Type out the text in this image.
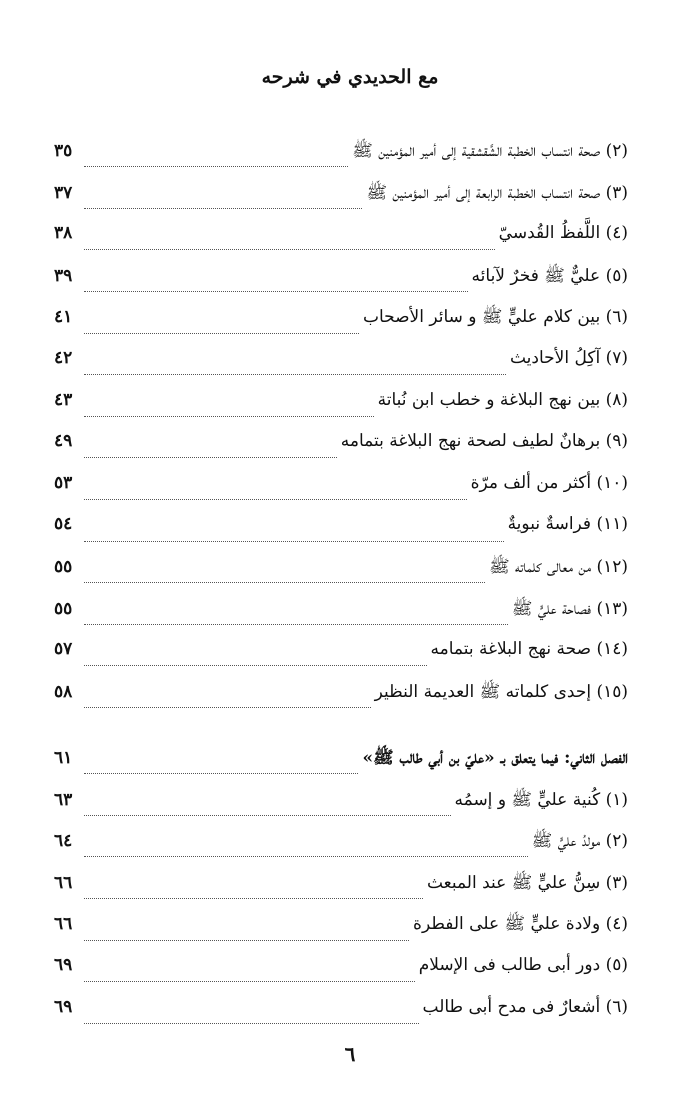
مع الحديدي في شرحه
(٢) صحة انتساب الخطبة الشَّقشقية إلى أمير المؤمنين ﷺ
٣٥
(٣) صحة انتساب الخطبة الرابعة إلى أمير المؤمنين ﷺ
٣٧
(٤) اللَّفظُ القُدسيّ
٣٨
(٥) عليٌّ ﷺ فخرٌ لآبائه
٣٩
(٦) بين كلام عليٍّ ﷺ و سائر الأصحاب
٤١
(٧) آكِلُ الأحاديث
٤٢
(٨) بين نهج البلاغة و خطب ابن نُباتة
٤٣
(٩) برهانٌ لطيف لصحة نهج البلاغة بتمامه
٤٩
(١٠) أكثر من ألف مرّة
٥٣
(١١) فراسةٌ نبويةٌ
٥٤
(١٢) من معالى كلماته ﷺ
٥٥
(١٣) فصاحة عليٍّ ﷺ
٥٥
(١٤) صحة نهج البلاغة بتمامه
٥٧
(١٥) إحدى كلماته ﷺ العديمة النظير
٥٨
الفصل الثاني: فيما يتعلق بـ «عليّ بن أبي طالب ﷺ»
٦١
(١) كُنية عليٍّ ﷺ و إسمُه
٦٣
(٢) مولدُ عليٍّ ﷺ
٦٤
(٣) سِنُّ عليٍّ ﷺ عند المبعث
٦٦
(٤) ولادة عليٍّ ﷺ على الفطرة
٦٦
(٥) دور أبى طالب فى الإسلام
٦٩
(٦) أشعارٌ فى مدح أبى طالب
٦٩
٦
